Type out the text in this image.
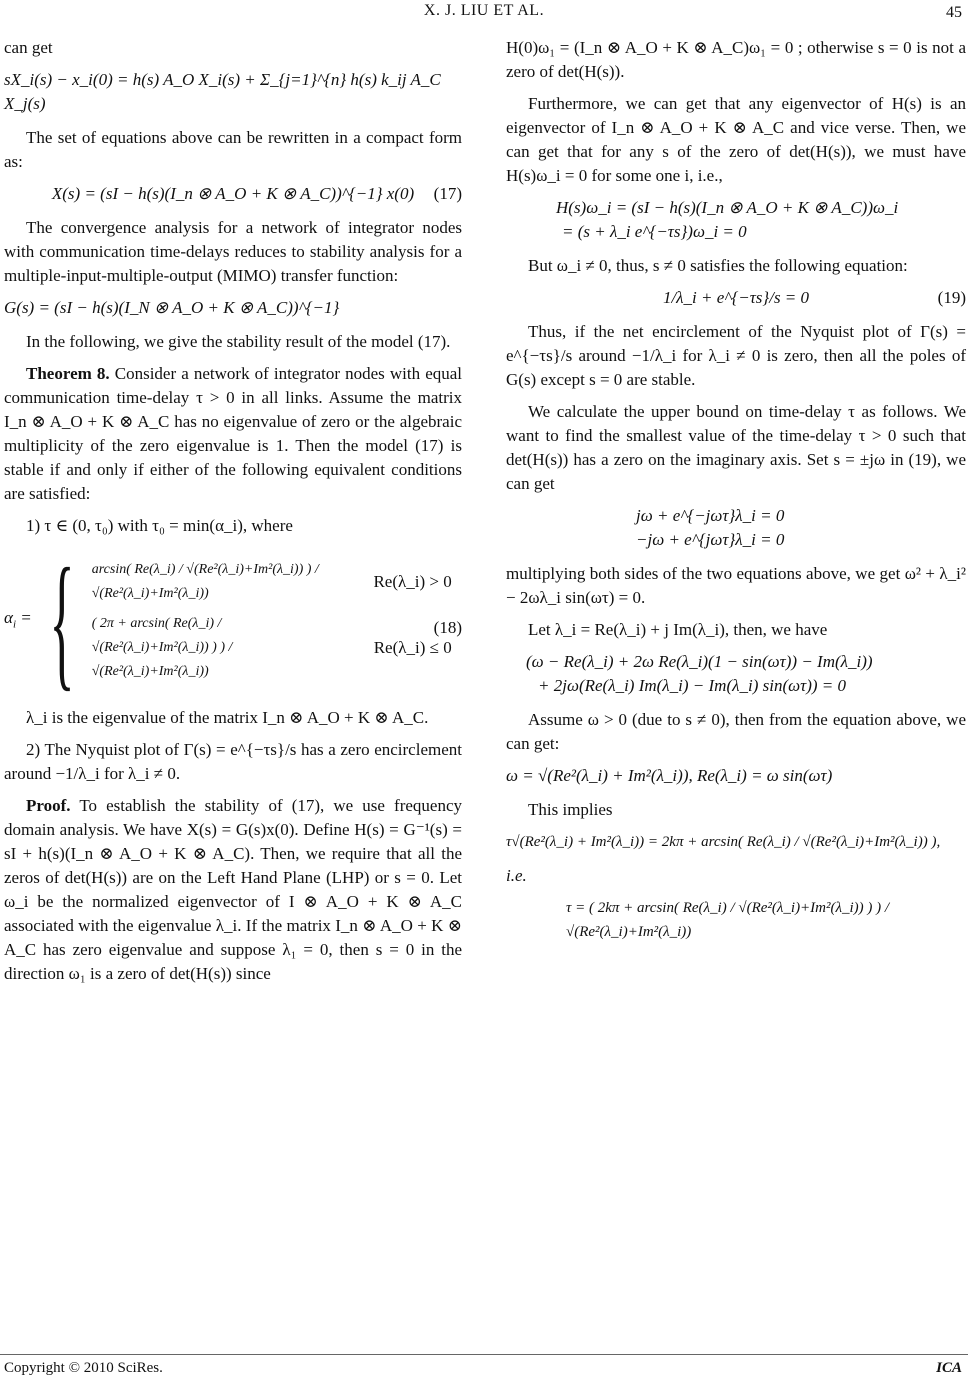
X. J. LIU ET AL.	45

can get

sX_i(s) − x_i(0) = h(s) A_O X_i(s) + Σ_{j=1}^{n} h(s) k_ij A_C X_j(s)

The set of equations above can be rewritten in a compact form as:

X(s) = (sI − h(s)(I_n ⊗ A_O + K ⊗ A_C))^{−1} x(0)	(17)

The convergence analysis for a network of integrator nodes with communication time-delays reduces to stability analysis for a multiple-input-multiple-output (MIMO) transfer function:

G(s) = (sI − h(s)(I_N ⊗ A_O + K ⊗ A_C))^{−1}

In the following, we give the stability result of the model (17).

Theorem 8. Consider a network of integrator nodes with equal communication time-delay τ > 0 in all links. Assume the matrix I_n ⊗ A_O + K ⊗ A_C has no eigenvalue of zero or the algebraic multiplicity of the zero eigenvalue is 1. Then the model (17) is stable if and only if either of the following equivalent conditions are satisfied:

1) τ ∈ (0, τ₀) with τ₀ = min(α_i), where

$\alpha_i$ = { arcsin( Re(λ_i) / √(Re²(λ_i)+Im²(λ_i)) ) / √(Re²(λ_i)+Im²(λ_i))
Re(λ_i) > 0
( 2π + arcsin( Re(λ_i) / √(Re²(λ_i)+Im²(λ_i)) ) ) / √(Re²(λ_i)+Im²(λ_i))
Re(λ_i) ≤ 0
(18)

λ_i is the eigenvalue of the matrix I_n ⊗ A_O + K ⊗ A_C.

2) The Nyquist plot of Γ(s) = e^{−τs}/s has a zero encirclement around −1/λ_i for λ_i ≠ 0.

Proof. To establish the stability of (17), we use frequency domain analysis. We have X(s) = G(s)x(0). Define H(s) = G⁻¹(s) = sI + h(s)(I_n ⊗ A_O + K ⊗ A_C). Then, we require that all the zeros of det(H(s)) are on the Left Hand Plane (LHP) or s = 0. Let ω_i be the normalized eigenvector of I ⊗ A_O + K ⊗ A_C associated with the eigenvalue λ_i. If the matrix I_n ⊗ A_O + K ⊗ A_C has zero eigenvalue and suppose λ₁ = 0, then s = 0 in the direction ω₁ is a zero of det(H(s)) since

H(0)ω₁ = (I_n ⊗ A_O + K ⊗ A_C)ω₁ = 0 ; otherwise s = 0 is not a zero of det(H(s)).

Furthermore, we can get that any eigenvector of H(s) is an eigenvector of I_n ⊗ A_O + K ⊗ A_C and vice verse. Then, we can get that for any s of the zero of det(H(s)), we must have H(s)ω_i = 0 for some one i, i.e.,

H(s)ω_i = (sI − h(s)(I_n ⊗ A_O + K ⊗ A_C))ω_i
= (s + λ_i e^{−τs})ω_i = 0

But ω_i ≠ 0, thus, s ≠ 0 satisfies the following equation:

1/λ_i + e^{−τs}/s = 0	(19)

Thus, if the net encirclement of the Nyquist plot of Γ(s) = e^{−τs}/s around −1/λ_i for λ_i ≠ 0 is zero, then all the poles of G(s) except s = 0 are stable.

We calculate the upper bound on time-delay τ as follows. We want to find the smallest value of the time-delay τ > 0 such that det(H(s)) has a zero on the imaginary axis. Set s = ±jω in (19), we can get

jω + e^{−jωτ}λ_i = 0
−jω + e^{jωτ}λ_i = 0

multiplying both sides of the two equations above, we get ω² + λ_i² − 2ωλ_i sin(ωτ) = 0.

Let λ_i = Re(λ_i) + j Im(λ_i), then, we have

(ω − Re(λ_i) + 2ω Re(λ_i)(1 − sin(ωτ)) − Im(λ_i))
+ 2jω(Re(λ_i) Im(λ_i) − Im(λ_i) sin(ωτ)) = 0

Assume ω > 0 (due to s ≠ 0), then from the equation above, we can get:

ω = √(Re²(λ_i) + Im²(λ_i)), Re(λ_i) = ω sin(ωτ)

This implies

τ√(Re²(λ_i) + Im²(λ_i)) = 2kπ + arcsin( Re(λ_i) / √(Re²(λ_i)+Im²(λ_i)) ),

i.e.

τ = ( 2kπ + arcsin( Re(λ_i) / √(Re²(λ_i)+Im²(λ_i)) ) ) / √(Re²(λ_i)+Im²(λ_i))
Copyright © 2010 SciRes.	ICA
